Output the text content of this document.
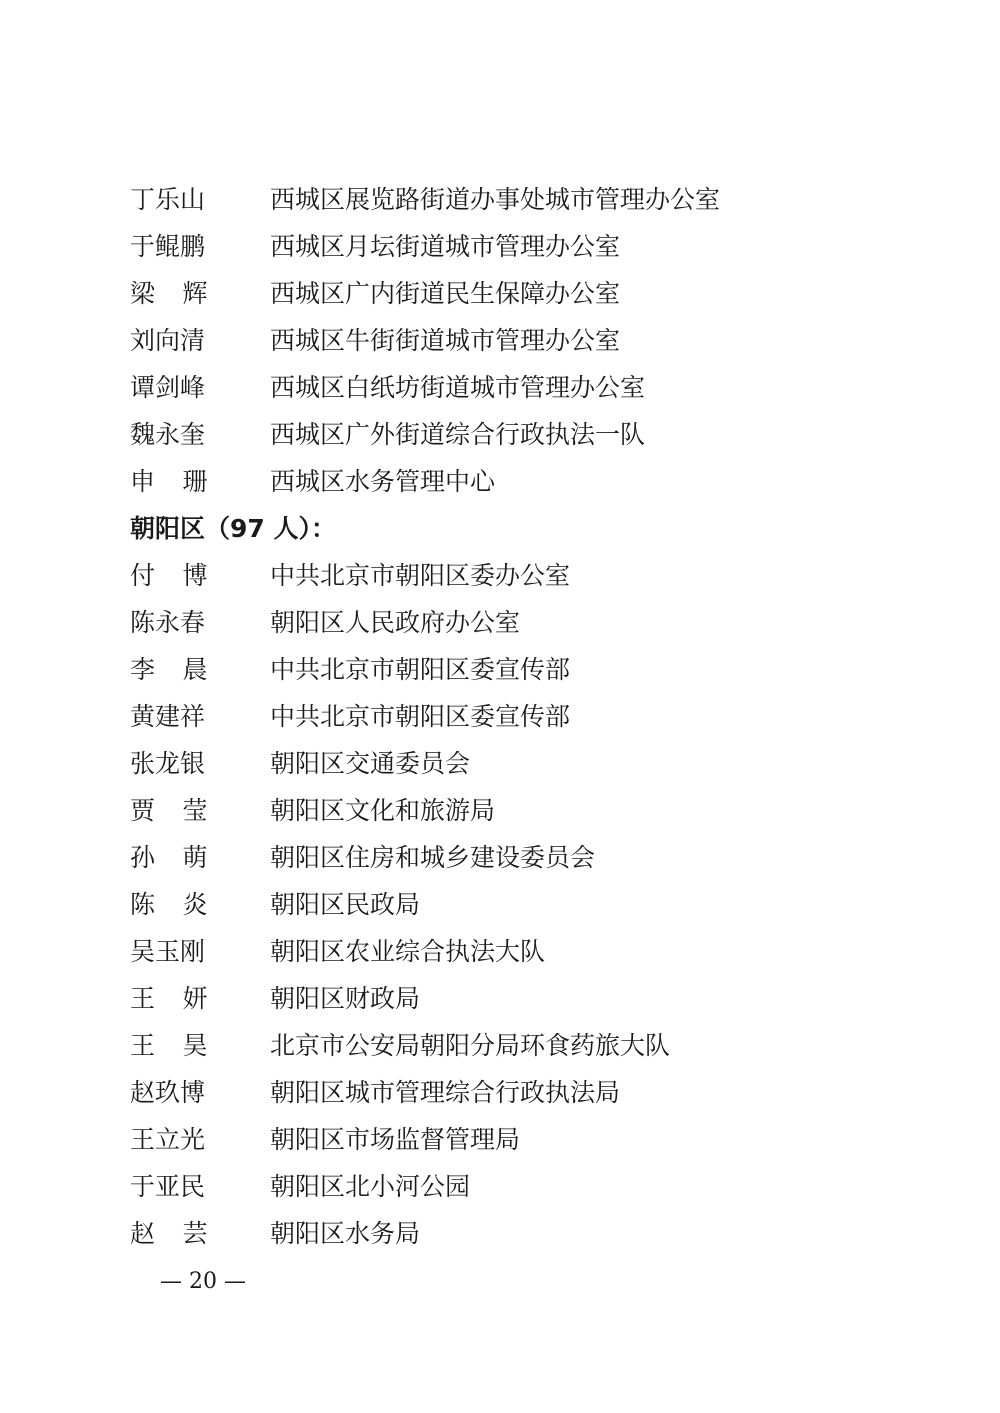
丁乐山	西城区展览路街道办事处城市管理办公室
于鲲鹏	西城区月坛街道城市管理办公室
梁辉	西城区广内街道民生保障办公室
刘向清	西城区牛街街道城市管理办公室
谭剑峰	西城区白纸坊街道城市管理办公室
魏永奎	西城区广外街道综合行政执法一队
申珊	西城区水务管理中心
朝阳区（97 人）：
付博	中共北京市朝阳区委办公室
陈永春	朝阳区人民政府办公室
李晨	中共北京市朝阳区委宣传部
黄建祥	中共北京市朝阳区委宣传部
张龙银	朝阳区交通委员会
贾莹	朝阳区文化和旅游局
孙萌	朝阳区住房和城乡建设委员会
陈炎	朝阳区民政局
吴玉刚	朝阳区农业综合执法大队
王妍	朝阳区财政局
王昊	北京市公安局朝阳分局环食药旅大队
赵玖博	朝阳区城市管理综合行政执法局
王立光	朝阳区市场监督管理局
于亚民	朝阳区北小河公园
赵芸	朝阳区水务局
— 20 —
